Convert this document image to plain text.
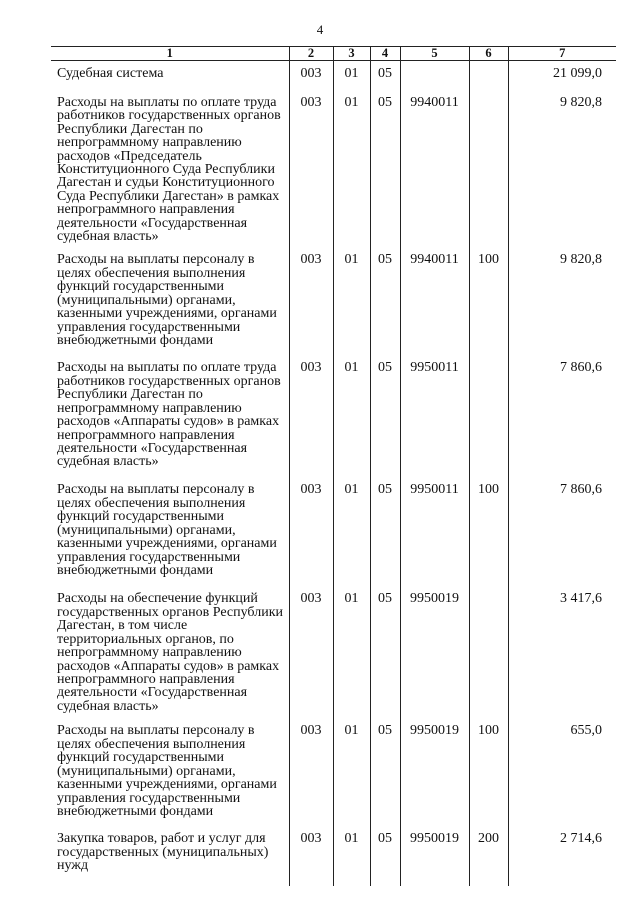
4
1	2	3	4	5	6	7
Судебная система	003	01	05			21 099,0
Расходы на выплаты по оплате труда работников государственных органов Республики Дагестан по непрограммному направлению расходов «Председатель Конституционного Суда Республики Дагестан и судьи Конституционного Суда Республики Дагестан» в рамках непрограммного направления деятельности «Государственная судебная власть»	003	01	05	9940011		9 820,8
Расходы на выплаты персоналу в целях обеспечения выполнения функций государственными (муниципальными) органами, казенными учреждениями, органами управления государственными внебюджетными фондами	003	01	05	9940011	100	9 820,8
Расходы на выплаты по оплате труда работников государственных органов Республики Дагестан по непрограммному направлению расходов «Аппараты судов» в рамках непрограммного направления деятельности «Государственная судебная власть»	003	01	05	9950011		7 860,6
Расходы на выплаты персоналу в целях обеспечения выполнения функций государственными (муниципальными) органами, казенными учреждениями, органами управления государственными внебюджетными фондами	003	01	05	9950011	100	7 860,6
Расходы на обеспечение функций государственных органов Республики Дагестан, в том числе территориальных органов, по непрограммному направлению расходов «Аппараты судов» в рамках непрограммного направления деятельности «Государственная судебная власть»	003	01	05	9950019		3 417,6
Расходы на выплаты персоналу в целях обеспечения выполнения функций государственными (муниципальными) органами, казенными учреждениями, органами управления государственными внебюджетными фондами	003	01	05	9950019	100	655,0
Закупка товаров, работ и услуг для государственных (муниципальных) нужд	003	01	05	9950019	200	2 714,6
